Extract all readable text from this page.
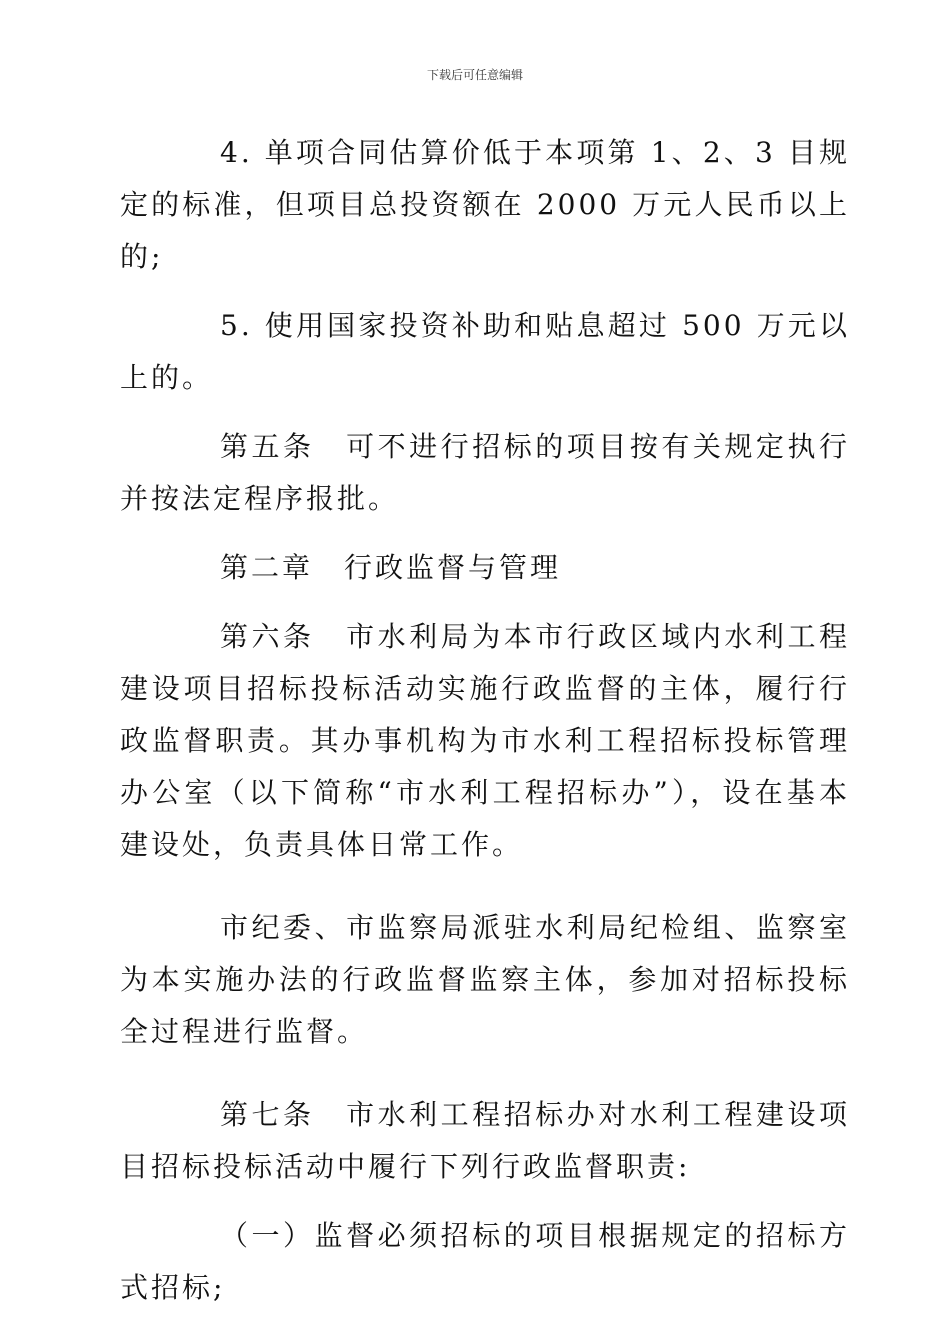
下载后可任意编辑

4. 单项合同估算价低于本项第 1、2、3 目规定的标准，但项目总投资额在 2000 万元人民币以上的;

5. 使用国家投资补助和贴息超过 500 万元以上的。

第五条　可不进行招标的项目按有关规定执行并按法定程序报批。

第二章　行政监督与管理

第六条　市水利局为本市行政区域内水利工程建设项目招标投标活动实施行政监督的主体，履行行政监督职责。其办事机构为市水利工程招标投标管理办公室（以下简称“市水利工程招标办”），设在基本建设处，负责具体日常工作。

市纪委、市监察局派驻水利局纪检组、监察室为本实施办法的行政监督监察主体，参加对招标投标全过程进行监督。

第七条　市水利工程招标办对水利工程建设项目招标投标活动中履行下列行政监督职责:

（一）监督必须招标的项目根据规定的招标方式招标;
